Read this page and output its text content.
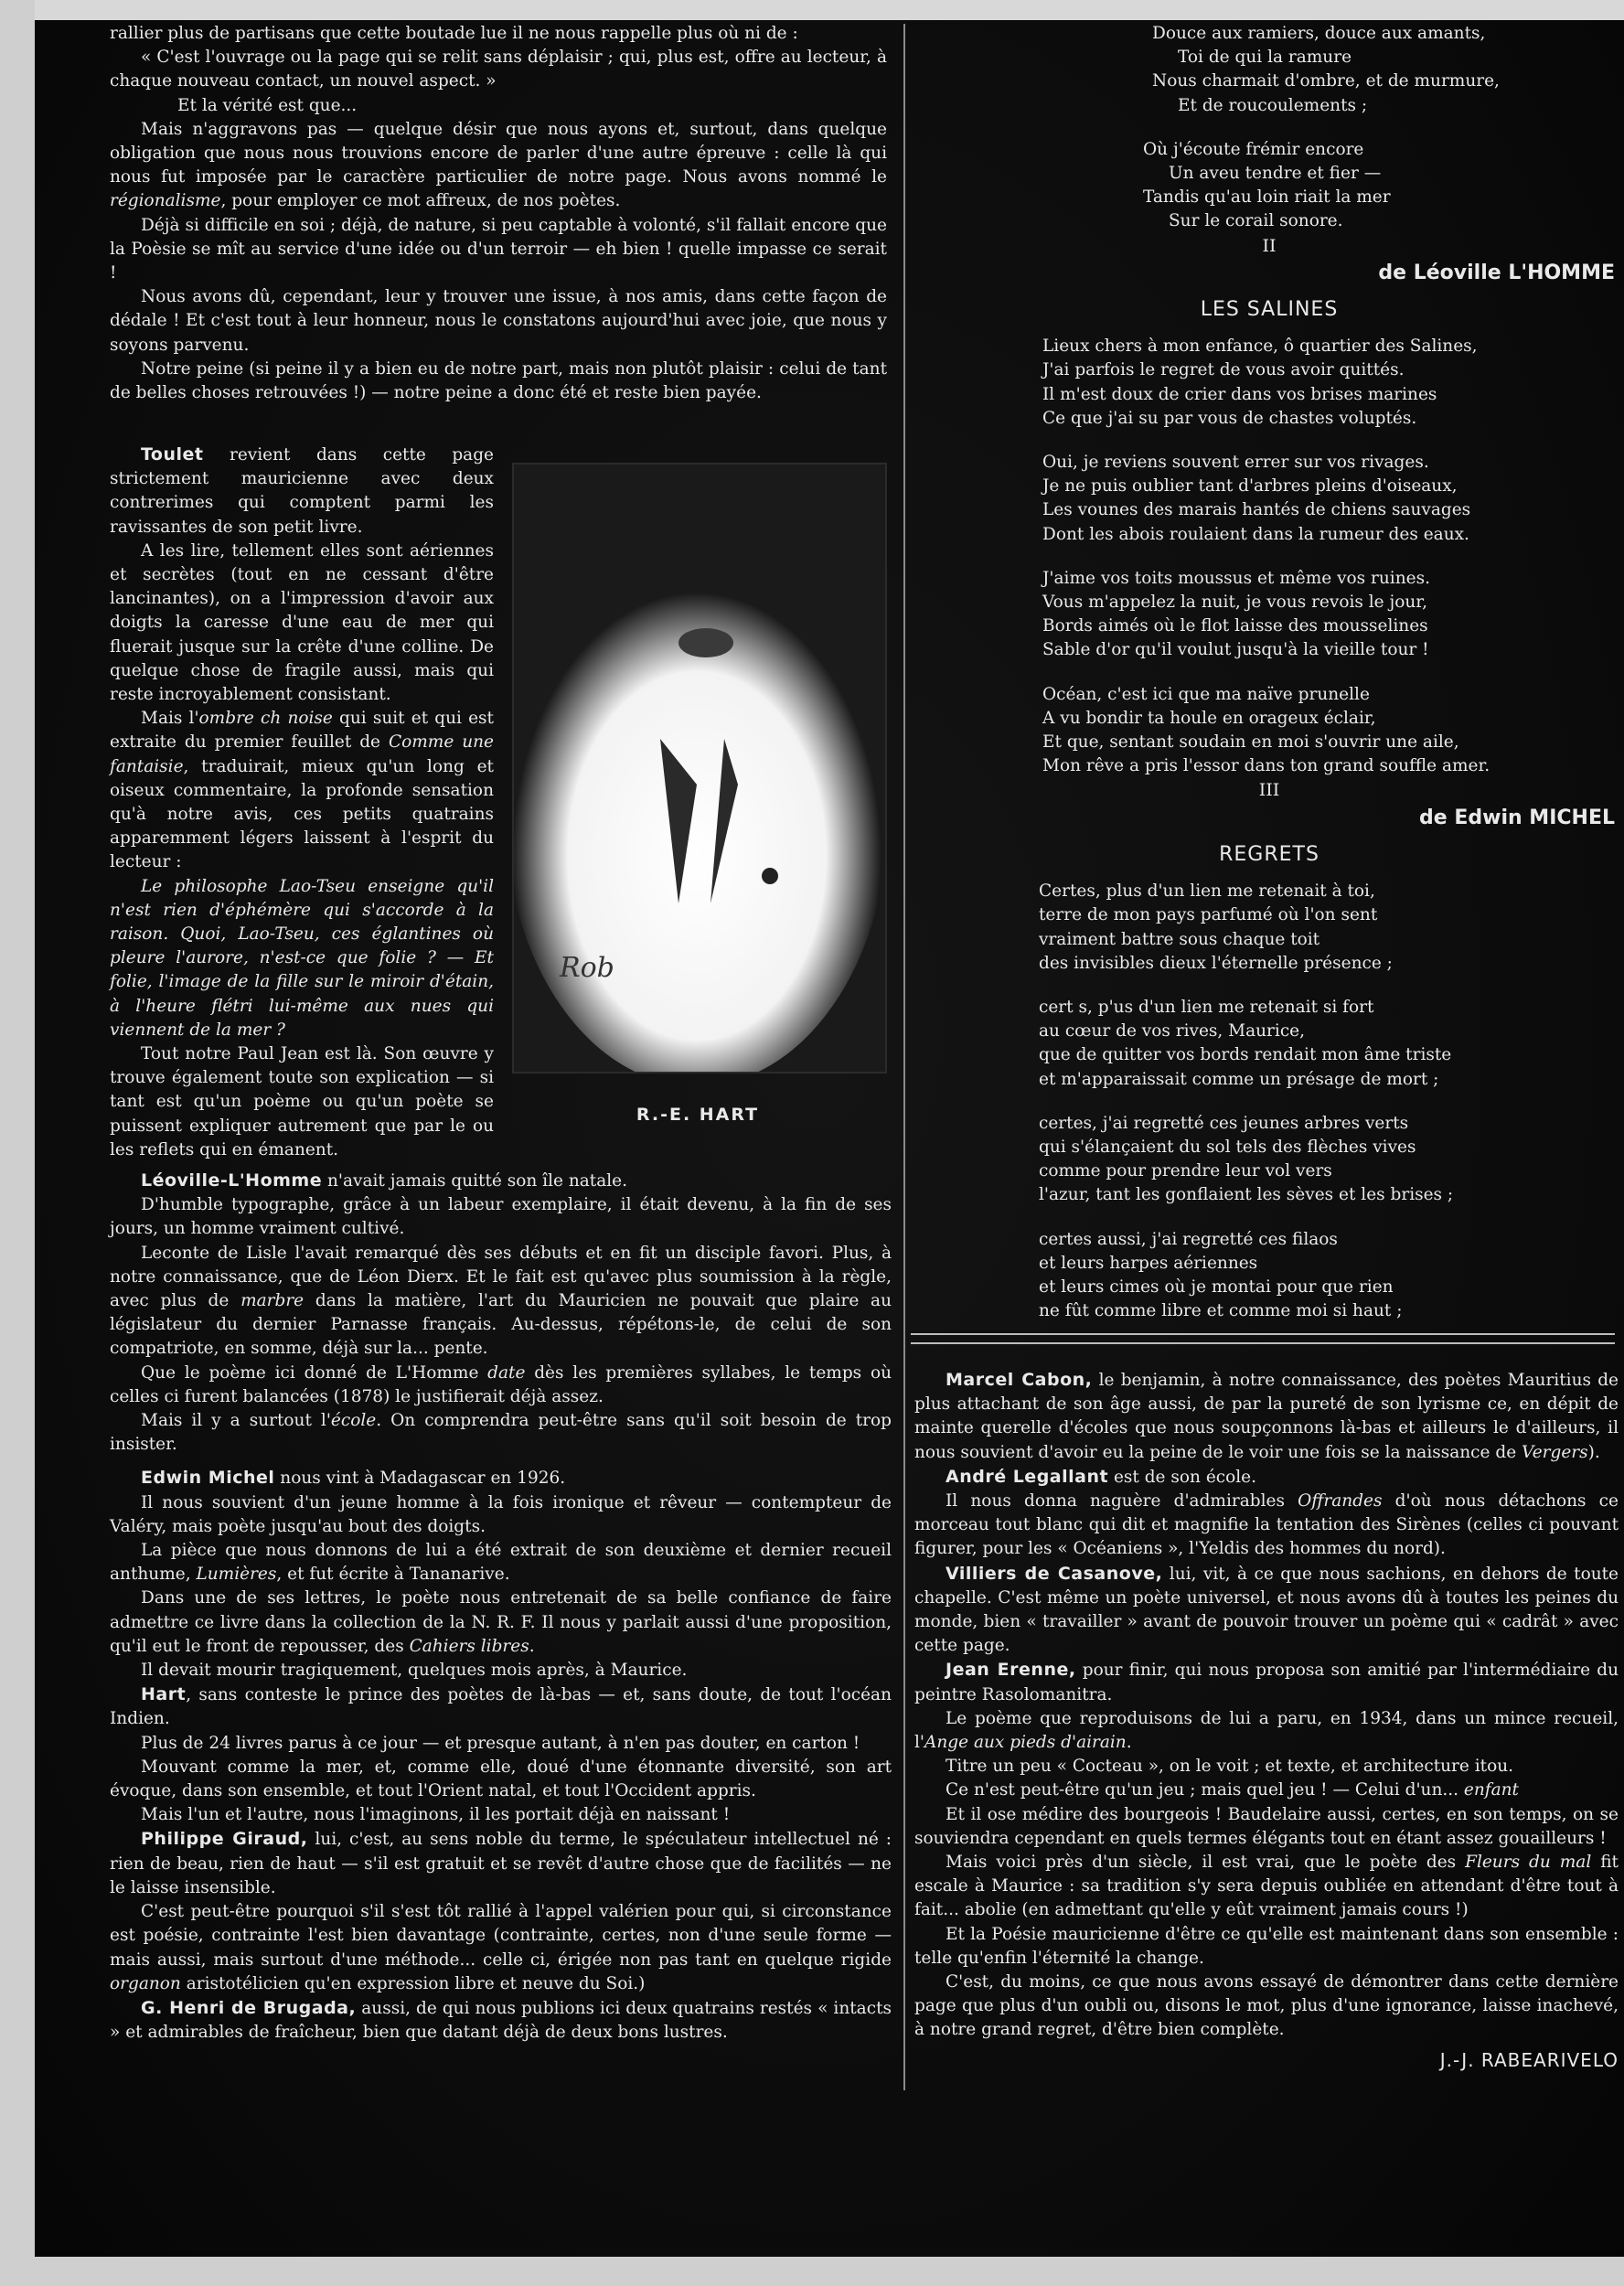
rallier plus de partisans que cette boutade lue il ne nous rappelle plus où ni de :

« C'est l'ouvrage ou la page qui se relit sans déplaisir ; qui, plus est, offre au lecteur, à chaque nouveau contact, un nouvel aspect. »

Et la vérité est que...

Mais n'aggravons pas — quelque désir que nous ayons et, surtout, dans quelque obligation que nous nous trouvions encore de parler d'une autre épreuve : celle là qui nous fut imposée par le caractère particulier de notre page. Nous avons nommé le régionalisme, pour employer ce mot affreux, de nos poètes.

Déjà si difficile en soi ; déjà, de nature, si peu captable à volonté, s'il fallait encore que la Poèsie se mît au service d'une idée ou d'un terroir — eh bien ! quelle impasse ce serait !

Nous avons dû, cependant, leur y trouver une issue, à nos amis, dans cette façon de dédale ! Et c'est tout à leur honneur, nous le constatons aujourd'hui avec joie, que nous y soyons parvenu.

Notre peine (si peine il y a bien eu de notre part, mais non plutôt plaisir : celui de tant de belles choses retrouvées !) — notre peine a donc été et reste bien payée.

Toulet revient dans cette page strictement mauricienne avec deux contrerimes qui comptent parmi les ravissantes de son petit livre.

A les lire, tellement elles sont aériennes et secrètes (tout en ne cessant d'être lancinantes), on a l'impression d'avoir aux doigts la caresse d'une eau de mer qui fluerait jusque sur la crête d'une colline. De quelque chose de fragile aussi, mais qui reste incroyablement consistant.

Mais l'ombre ch noise qui suit et qui est extraite du premier feuillet de Comme une fantaisie, traduirait, mieux qu'un long et oiseux commentaire, la profonde sensation qu'à notre avis, ces petits quatrains apparemment légers laissent à l'esprit du lecteur :

Le philosophe Lao-Tseu enseigne qu'il n'est rien d'éphémère qui s'accorde à la raison. Quoi, Lao-Tseu, ces églantines où pleure l'aurore, n'est-ce que folie ? — Et folie, l'image de la fille sur le miroir d'étain, à l'heure flétri lui-même aux nues qui viennent de la mer ?

Tout notre Paul Jean est là. Son œuvre y trouve également toute son explication — si tant est qu'un poème ou qu'un poète se puissent expliquer autrement que par le ou les reflets qui en émanent.

Rob
R.-E. HART

Léoville-L'Homme n'avait jamais quitté son île natale.

D'humble typographe, grâce à un labeur exemplaire, il était devenu, à la fin de ses jours, un homme vraiment cultivé.

Leconte de Lisle l'avait remarqué dès ses débuts et en fit un disciple favori. Plus, à notre connaissance, que de Léon Dierx. Et le fait est qu'avec plus soumission à la règle, avec plus de marbre dans la matière, l'art du Mauricien ne pouvait que plaire au législateur du dernier Parnasse français. Au-dessus, répétons-le, de celui de son compatriote, en somme, déjà sur la... pente.

Que le poème ici donné de L'Homme date dès les premières syllabes, le temps où celles ci furent balancées (1878) le justifierait déjà assez.

Mais il y a surtout l'école. On comprendra peut-être sans qu'il soit besoin de trop insister.

Edwin Michel nous vint à Madagascar en 1926.

Il nous souvient d'un jeune homme à la fois ironique et rêveur — contempteur de Valéry, mais poète jusqu'au bout des doigts.

La pièce que nous donnons de lui a été extrait de son deuxième et dernier recueil anthume, Lumières, et fut écrite à Tananarive.

Dans une de ses lettres, le poète nous entretenait de sa belle confiance de faire admettre ce livre dans la collection de la N. R. F. Il nous y parlait aussi d'une proposition, qu'il eut le front de repousser, des Cahiers libres.

Il devait mourir tragiquement, quelques mois après, à Maurice.

Hart, sans conteste le prince des poètes de là-bas — et, sans doute, de tout l'océan Indien.

Plus de 24 livres parus à ce jour — et presque autant, à n'en pas douter, en carton !

Mouvant comme la mer, et, comme elle, doué d'une étonnante diversité, son art évoque, dans son ensemble, et tout l'Orient natal, et tout l'Occident appris.

Mais l'un et l'autre, nous l'imaginons, il les portait déjà en naissant !

Philippe Giraud, lui, c'est, au sens noble du terme, le spéculateur intellectuel né : rien de beau, rien de haut — s'il est gratuit et se revêt d'autre chose que de facilités — ne le laisse insensible.

C'est peut-être pourquoi s'il s'est tôt rallié à l'appel valérien pour qui, si circonstance est poésie, contrainte l'est bien davantage (contrainte, certes, non d'une seule forme — mais aussi, mais surtout d'une méthode... celle ci, érigée non pas tant en quelque rigide organon aristotélicien qu'en expression libre et neuve du Soi.)

G. Henri de Brugada, aussi, de qui nous publions ici deux quatrains restés « intacts » et admirables de fraîcheur, bien que datant déjà de deux bons lustres.

Douce aux ramiers, douce aux amants,

Toi de qui la ramure

Nous charmait d'ombre, et de murmure,

Et de roucoulements ;

Où j'écoute frémir encore

Un aveu tendre et fier —

Tandis qu'au loin riait la mer

Sur le corail sonore.

II
de Léoville L'HOMME
LES SALINES

Lieux chers à mon enfance, ô quartier des Salines,

J'ai parfois le regret de vous avoir quittés.

Il m'est doux de crier dans vos brises marines

Ce que j'ai su par vous de chastes voluptés.

Oui, je reviens souvent errer sur vos rivages.

Je ne puis oublier tant d'arbres pleins d'oiseaux,

Les vounes des marais hantés de chiens sauvages

Dont les abois roulaient dans la rumeur des eaux.

J'aime vos toits moussus et même vos ruines.

Vous m'appelez la nuit, je vous revois le jour,

Bords aimés où le flot laisse des mousselines

Sable d'or qu'il voulut jusqu'à la vieille tour !

Océan, c'est ici que ma naïve prunelle

A vu bondir ta houle en orageux éclair,

Et que, sentant soudain en moi s'ouvrir une aile,

Mon rêve a pris l'essor dans ton grand souffle amer.

III
de Edwin MICHEL
REGRETS

Certes, plus d'un lien me retenait à toi,

terre de mon pays parfumé où l'on sent

vraiment battre sous chaque toit

des invisibles dieux l'éternelle présence ;

cert s, p'us d'un lien me retenait si fort

au cœur de vos rives, Maurice,

que de quitter vos bords rendait mon âme triste

et m'apparaissait comme un présage de mort ;

certes, j'ai regretté ces jeunes arbres verts

qui s'élançaient du sol tels des flèches vives

comme pour prendre leur vol vers

l'azur, tant les gonflaient les sèves et les brises ;

certes aussi, j'ai regretté ces filaos

et leurs harpes aériennes

et leurs cimes où je montai pour que rien

ne fût comme libre et comme moi si haut ;

Marcel Cabon, le benjamin, à notre connaissance, des poètes Mauritius de plus attachant de son âge aussi, de par la pureté de son lyrisme ce, en dépit de mainte querelle d'écoles que nous soupçonnons là-bas et ailleurs le d'ailleurs, il nous souvient d'avoir eu la peine de le voir une fois se la naissance de Vergers).

André Legallant est de son école.

Il nous donna naguère d'admirables Offrandes d'où nous détachons ce morceau tout blanc qui dit et magnifie la tentation des Sirènes (celles ci pouvant figurer, pour les « Océaniens », l'Yeldis des hommes du nord).

Villiers de Casanove, lui, vit, à ce que nous sachions, en dehors de toute chapelle. C'est même un poète universel, et nous avons dû à toutes les peines du monde, bien « travailler » avant de pouvoir trouver un poème qui « cadrât » avec cette page.

Jean Erenne, pour finir, qui nous proposa son amitié par l'intermédiaire du peintre Rasolomanitra.

Le poème que reproduisons de lui a paru, en 1934, dans un mince recueil, l'Ange aux pieds d'airain.

Titre un peu « Cocteau », on le voit ; et texte, et architecture itou.

Ce n'est peut-être qu'un jeu ; mais quel jeu ! — Celui d'un... enfant

Et il ose médire des bourgeois ! Baudelaire aussi, certes, en son temps, on se souviendra cependant en quels termes élégants tout en étant assez gouailleurs !

Mais voici près d'un siècle, il est vrai, que le poète des Fleurs du mal fit escale à Maurice : sa tradition s'y sera depuis oubliée en attendant d'être tout à fait... abolie (en admettant qu'elle y eût vraiment jamais cours !)

Et la Poésie mauricienne d'être ce qu'elle est maintenant dans son ensemble : telle qu'enfin l'éternité la change.

C'est, du moins, ce que nous avons essayé de démontrer dans cette dernière page que plus d'un oubli ou, disons le mot, plus d'une ignorance, laisse inachevé, à notre grand regret, d'être bien complète.

J.-J. RABEARIVELO
